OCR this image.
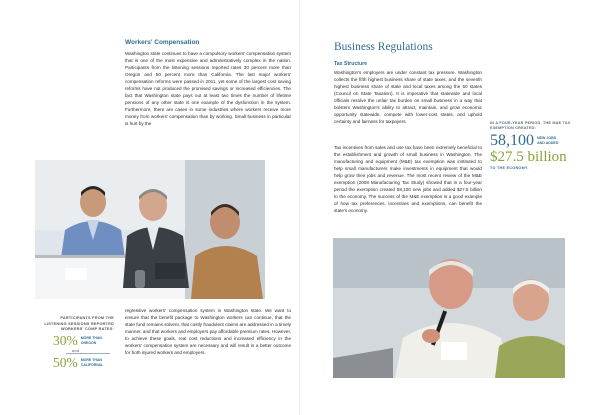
Workers' Compensation

Washington state continues to have a compulsory workers' compensation system that is one of the most expensive and administratively complex in the nation. Participants from the listening sessions reported rates 30 percent more than Oregon and 50 percent more than California. The last major workers' compensation reforms were passed in 2011, yet some of the largest cost saving reforms have not produced the promised savings or increased efficiencies. The fact that Washington state pays out at least two times the number of lifetime pensions of any other state is one example of the dysfunction in the system. Furthermore, there are cases in some industries where workers receive more money from workers' compensation than by working. Small business in particular is hurt by the

PARTICIPANTS FROM THE LISTENING SESSIONS REPORTED WORKERS' COMP RATES:
30% MORE THAN OREGON
and
50% MORE THAN CALIFORNIA.

regressive workers' compensation system in Washington state. We want to ensure that the benefit package to Washington workers can continue, that the state fund remains solvent, that costly fraudulent claims are addressed in a timely manner, and that workers and employers pay affordable premium rates. However, to achieve these goals, real cost reductions and increased efficiency in the workers' compensation system are necessary and will result in a better outcome for both injured workers and employers.

Business Regulations
Tax Structure

Washington's employers are under constant tax pressure. Washington collects the fifth highest business share of state taxes, and the seventh highest business share of state and local taxes among the 50 states (Council on State Taxation). It is imperative that statewide and local officials resolve the unfair tax burden on small business in a way that bolsters Washington's ability to attract, maintain, and grow economic opportunity statewide, compete with lower-cost states, and uphold certainty and fairness for taxpayers.

Tax incentives from sales and use tax have been extremely beneficial to the establishment and growth of small business in Washington. The manufacturing and equipment (M&E) tax exemption was instituted to help small manufacturers make investments in equipment that would help grow their jobs and revenue. The most recent review of the M&E exemption (2008 Manufacturing Tax Study) showed that in a four-year period the exemption created 58,100 new jobs and added $27.5 billion to the economy. The success of the M&E exemption is a good example of how tax preferences, incentives and exemptions, can benefit the state's economy.

IN A FOUR-YEAR PERIOD, THE M&E TAX EXEMPTION CREATED:
58,100 NEW JOBS AND ADDED
$27.5 billion
TO THE ECONOMY.
